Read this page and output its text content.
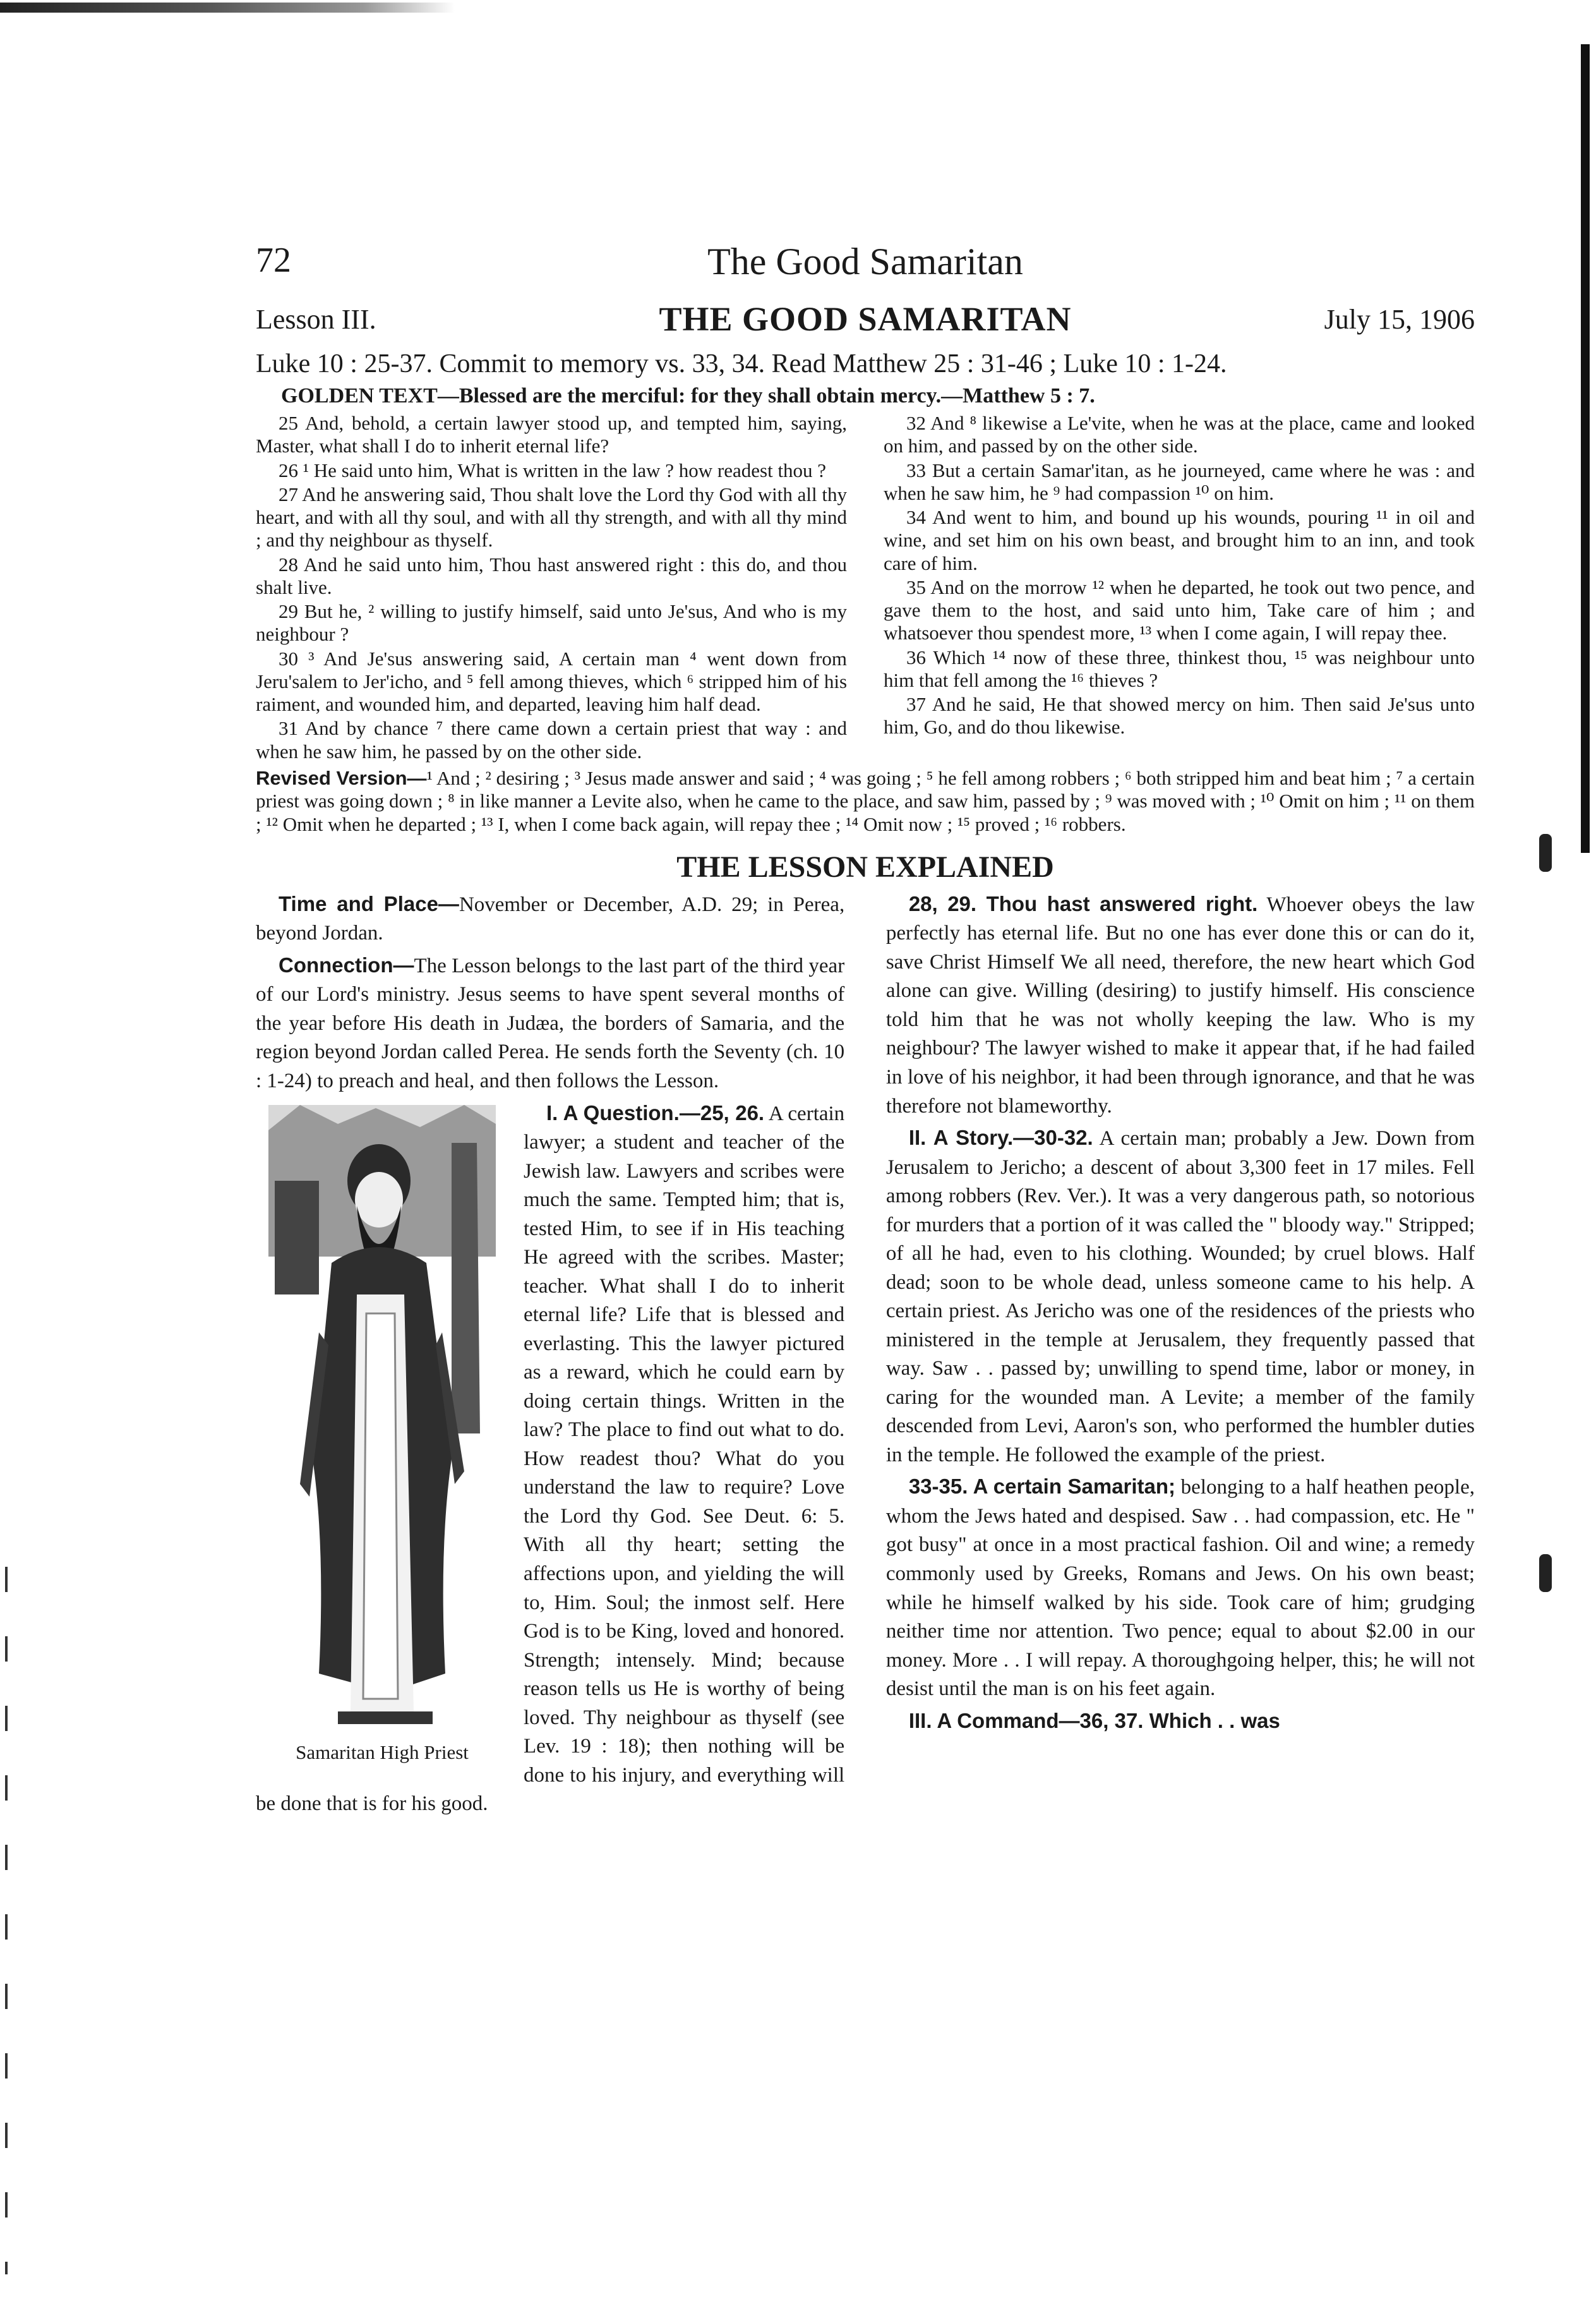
72	The Good Samaritan
Lesson III.	THE GOOD SAMARITAN	July 15, 1906
Luke 10 : 25-37. Commit to memory vs. 33, 34. Read Matthew 25 : 31-46 ; Luke 10 : 1-24.
GOLDEN TEXT—Blessed are the merciful: for they shall obtain mercy.—Matthew 5 : 7.

25 And, behold, a certain lawyer stood up, and tempted him, saying, Master, what shall I do to inherit eternal life?

26 ¹ He said unto him, What is written in the law ? how readest thou ?

27 And he answering said, Thou shalt love the Lord thy God with all thy heart, and with all thy soul, and with all thy strength, and with all thy mind ; and thy neighbour as thyself.

28 And he said unto him, Thou hast answered right : this do, and thou shalt live.

29 But he, ² willing to justify himself, said unto Je'sus, And who is my neighbour ?

30 ³ And Je'sus answering said, A certain man ⁴ went down from Jeru'salem to Jer'icho, and ⁵ fell among thieves, which ⁶ stripped him of his raiment, and wounded him, and departed, leaving him half dead.

31 And by chance ⁷ there came down a certain priest that way : and when he saw him, he passed by on the other side.

32 And ⁸ likewise a Le'vite, when he was at the place, came and looked on him, and passed by on the other side.

33 But a certain Samar'itan, as he journeyed, came where he was : and when he saw him, he ⁹ had compassion ¹⁰ on him.

34 And went to him, and bound up his wounds, pouring ¹¹ in oil and wine, and set him on his own beast, and brought him to an inn, and took care of him.

35 And on the morrow ¹² when he departed, he took out two pence, and gave them to the host, and said unto him, Take care of him ; and whatsoever thou spendest more, ¹³ when I come again, I will repay thee.

36 Which ¹⁴ now of these three, thinkest thou, ¹⁵ was neighbour unto him that fell among the ¹⁶ thieves ?

37 And he said, He that showed mercy on him. Then said Je'sus unto him, Go, and do thou likewise.

Revised Version—¹ And ; ² desiring ; ³ Jesus made answer and said ; ⁴ was going ; ⁵ he fell among robbers ; ⁶ both stripped him and beat him ; ⁷ a certain priest was going down ; ⁸ in like manner a Levite also, when he came to the place, and saw him, passed by ; ⁹ was moved with ; ¹⁰ Omit on him ; ¹¹ on them ; ¹² Omit when he departed ; ¹³ I, when I come back again, will repay thee ; ¹⁴ Omit now ; ¹⁵ proved ; ¹⁶ robbers.
THE LESSON EXPLAINED

Time and Place—November or December, A.D. 29; in Perea, beyond Jordan.

Connection—The Lesson belongs to the last part of the third year of our Lord's ministry. Jesus seems to have spent several months of the year before His death in Judæa, the borders of Samaria, and the region beyond Jordan called Perea. He sends forth the Seventy (ch. 10 : 1-24) to preach and heal, and then follows the Lesson.

Samaritan High Priest

I. A Question.—25, 26. A certain lawyer; a student and teacher of the Jewish law. Lawyers and scribes were much the same. Tempted him; that is, tested Him, to see if in His teaching He agreed with the scribes. Master; teacher. What shall I do to inherit eternal life? Life that is blessed and everlasting. This the lawyer pictured as a reward, which he could earn by doing certain things. Written in the law? The place to find out what to do. How readest thou? What do you understand the law to require? Love the Lord thy God. See Deut. 6: 5. With all thy heart; setting the affections upon, and yielding the will to, Him. Soul; the inmost self. Here God is to be King, loved and honored. Strength; intensely. Mind; because reason tells us He is worthy of being loved. Thy neighbour as thyself (see Lev. 19 : 18); then nothing will be done to his injury, and everything will be done that is for his good.

28, 29. Thou hast answered right. Whoever obeys the law perfectly has eternal life. But no one has ever done this or can do it, save Christ Himself We all need, therefore, the new heart which God alone can give. Willing (desiring) to justify himself. His conscience told him that he was not wholly keeping the law. Who is my neighbour? The lawyer wished to make it appear that, if he had failed in love of his neighbor, it had been through ignorance, and that he was therefore not blameworthy.

II. A Story.—30-32. A certain man; probably a Jew. Down from Jerusalem to Jericho; a descent of about 3,300 feet in 17 miles. Fell among robbers (Rev. Ver.). It was a very dangerous path, so notorious for murders that a portion of it was called the " bloody way." Stripped; of all he had, even to his clothing. Wounded; by cruel blows. Half dead; soon to be whole dead, unless someone came to his help. A certain priest. As Jericho was one of the residences of the priests who ministered in the temple at Jerusalem, they frequently passed that way. Saw . . passed by; unwilling to spend time, labor or money, in caring for the wounded man. A Levite; a member of the family descended from Levi, Aaron's son, who performed the humbler duties in the temple. He followed the example of the priest.

33-35. A certain Samaritan; belonging to a half heathen people, whom the Jews hated and despised. Saw . . had compassion, etc. He " got busy" at once in a most practical fashion. Oil and wine; a remedy commonly used by Greeks, Romans and Jews. On his own beast; while he himself walked by his side. Took care of him; grudging neither time nor attention. Two pence; equal to about $2.00 in our money. More . . I will repay. A thoroughgoing helper, this; he will not desist until the man is on his feet again.

III. A Command—36, 37. Which . . was
